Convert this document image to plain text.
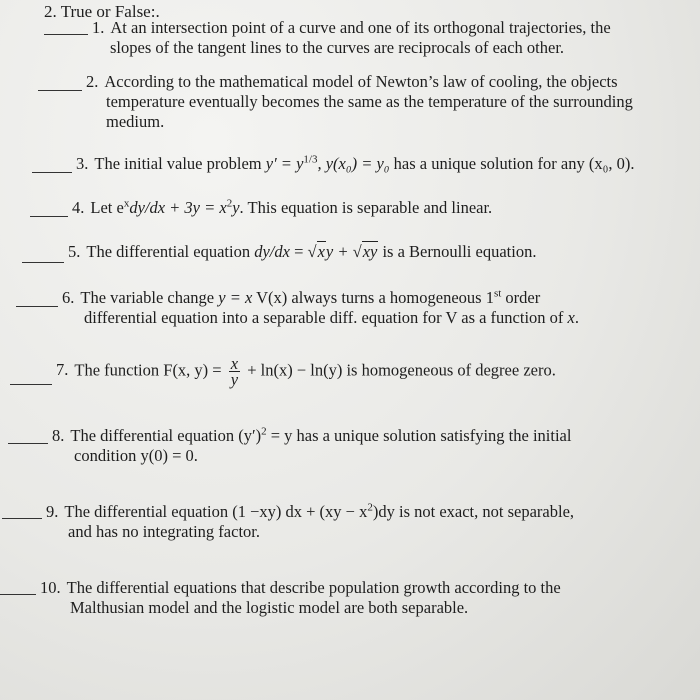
2. True or False:.
1. At an intersection point of a curve and one of its orthogonal trajectories, the
slopes of the tangent lines to the curves are reciprocals of each other.
2. According to the mathematical model of Newton’s law of cooling, the objects
temperature eventually becomes the same as the temperature of the surrounding
medium.
3. The initial value problem $y' = y^{1/3}$, y(x₀) = y₀ has a unique solution for any (x₀, 0).
4. Let $e^xdy/dx + 3y = x^2y$. This equation is separable and linear.
5. The differential equation dy/dx = √xy + √xy is a Bernoulli equation.
6. The variable change y = x V(x) always turns a homogeneous 1st order
differential equation into a separable diff. equation for V as a function of x.
7. The function F(x, $y) = \frac{x}{y} + \ln(x) - \ln(y)$ is homogeneous of degree zero.
8. The differential equation $(y')^2 = y$ has a unique solution satisfying the initial
condition y(0) = 0.
9. The differential equation (1 −xy) dx + $(xy - x^2)dy$ is not exact, not separable,
and has no integrating factor.
10. The differential equations that describe population growth according to the
Malthusian model and the logistic model are both separable.
